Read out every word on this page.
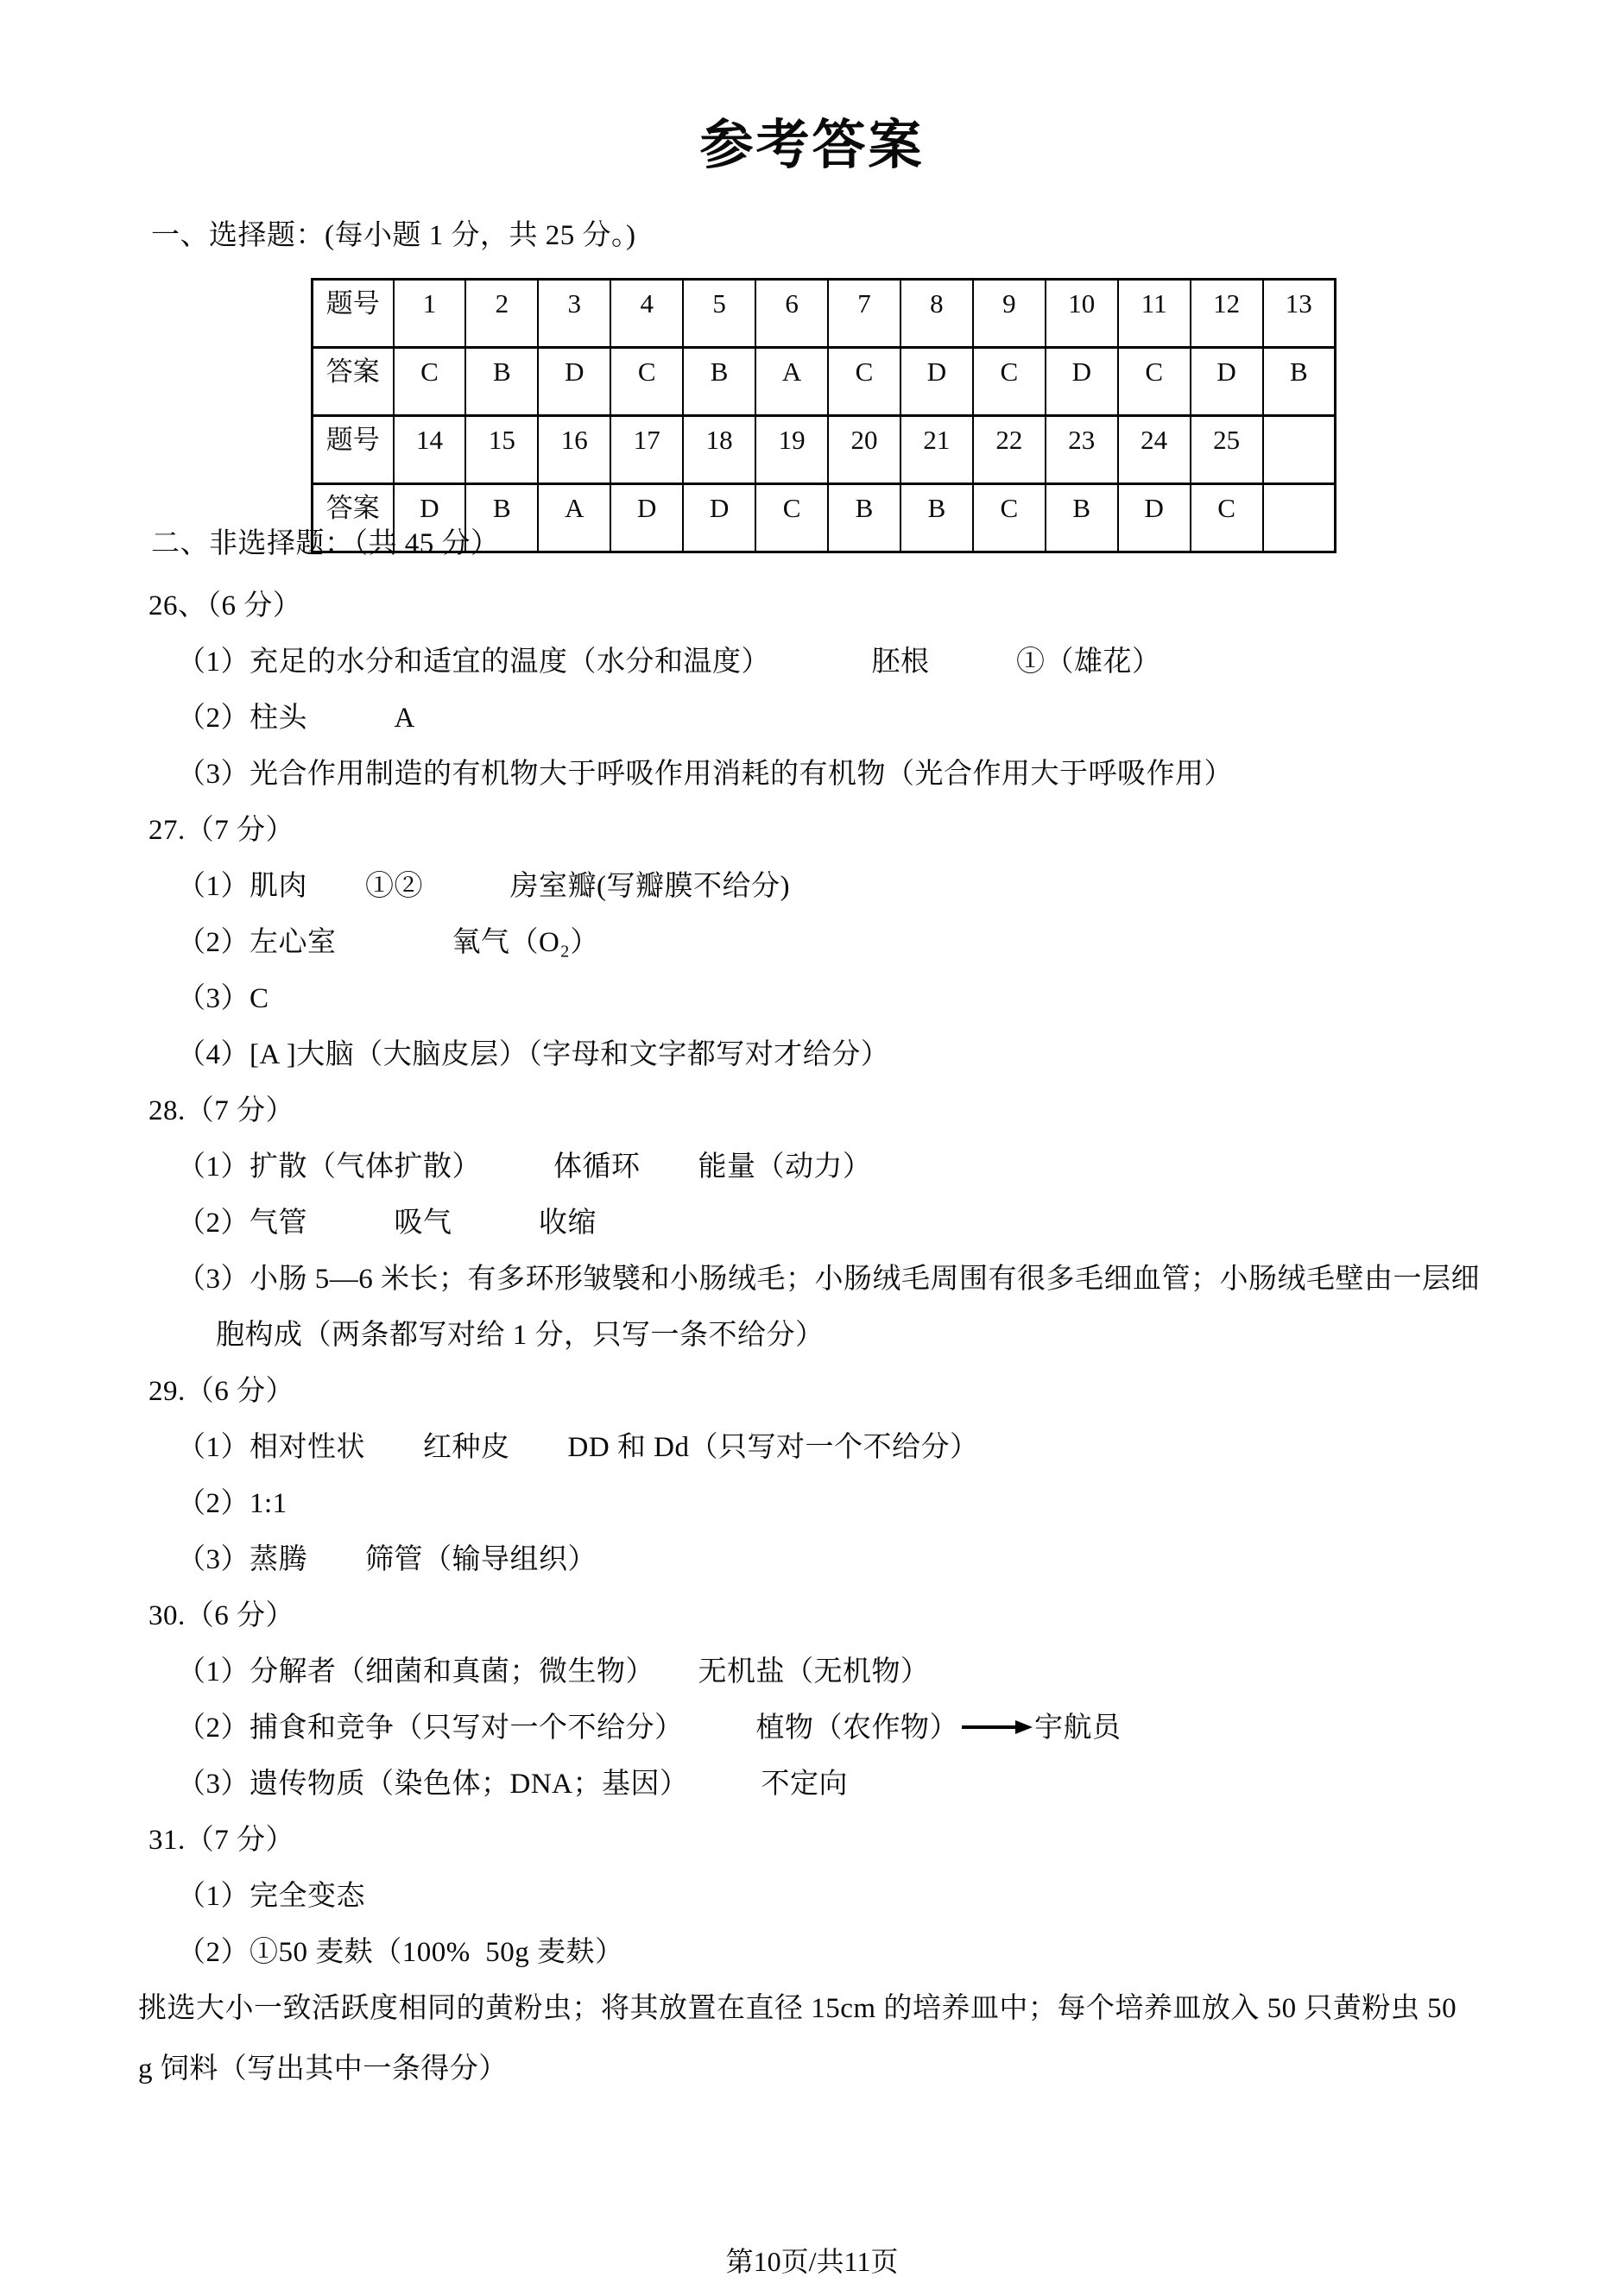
参考答案
一、选择题：(每小题 1 分，共 25 分。)
题号	1	2	3	4	5	6	7	8	9	10	11	12	13
答案	C	B	D	C	B	A	C	D	C	D	C	D	B
题号	14	15	16	17	18	19	20	21	22	23	24	25	
答案	D	B	A	D	D	C	B	B	C	B	D	C	
二、非选择题：（共 45 分）
26、（6 分）
（1）充足的水分和适宜的温度（水分和温度）　　　　胚根　　　①（雄花）
（2）柱头　　　A
（3）光合作用制造的有机物大于呼吸作用消耗的有机物（光合作用大于呼吸作用）
27.（7 分）
（1）肌肉　　①②　　　房室瓣(写瓣膜不给分)
（2）左心室　　　　氧气（O₂）
（3）C
（4）[A ]大脑（大脑皮层）（字母和文字都写对才给分）
28.（7 分）
（1）扩散（气体扩散）　　　体循环　　能量（动力）
（2）气管　　　吸气　　　收缩
（3）小肠 5—6 米长；有多环形皱襞和小肠绒毛；小肠绒毛周围有很多毛细血管；小肠绒毛壁由一层细
胞构成（两条都写对给 1 分，只写一条不给分）
29.（6 分）
（1）相对性状　　红种皮　　DD 和 Dd（只写对一个不给分）
（2）1:1
（3）蒸腾　　筛管（输导组织）
30.（6 分）
（1）分解者（细菌和真菌；微生物）　　无机盐（无机物）
（2）捕食和竞争（只写对一个不给分）　　　植物（农作物）	宇航员
（3）遗传物质（染色体；DNA；基因）　　　不定向
31.（7 分）
（1）完全变态
（2）①50 麦麸（100%  50g 麦麸）
挑选大小一致活跃度相同的黄粉虫；将其放置在直径 15cm 的培养皿中；每个培养皿放入 50 只黄粉虫 50
g 饲料（写出其中一条得分）
第10页/共11页
